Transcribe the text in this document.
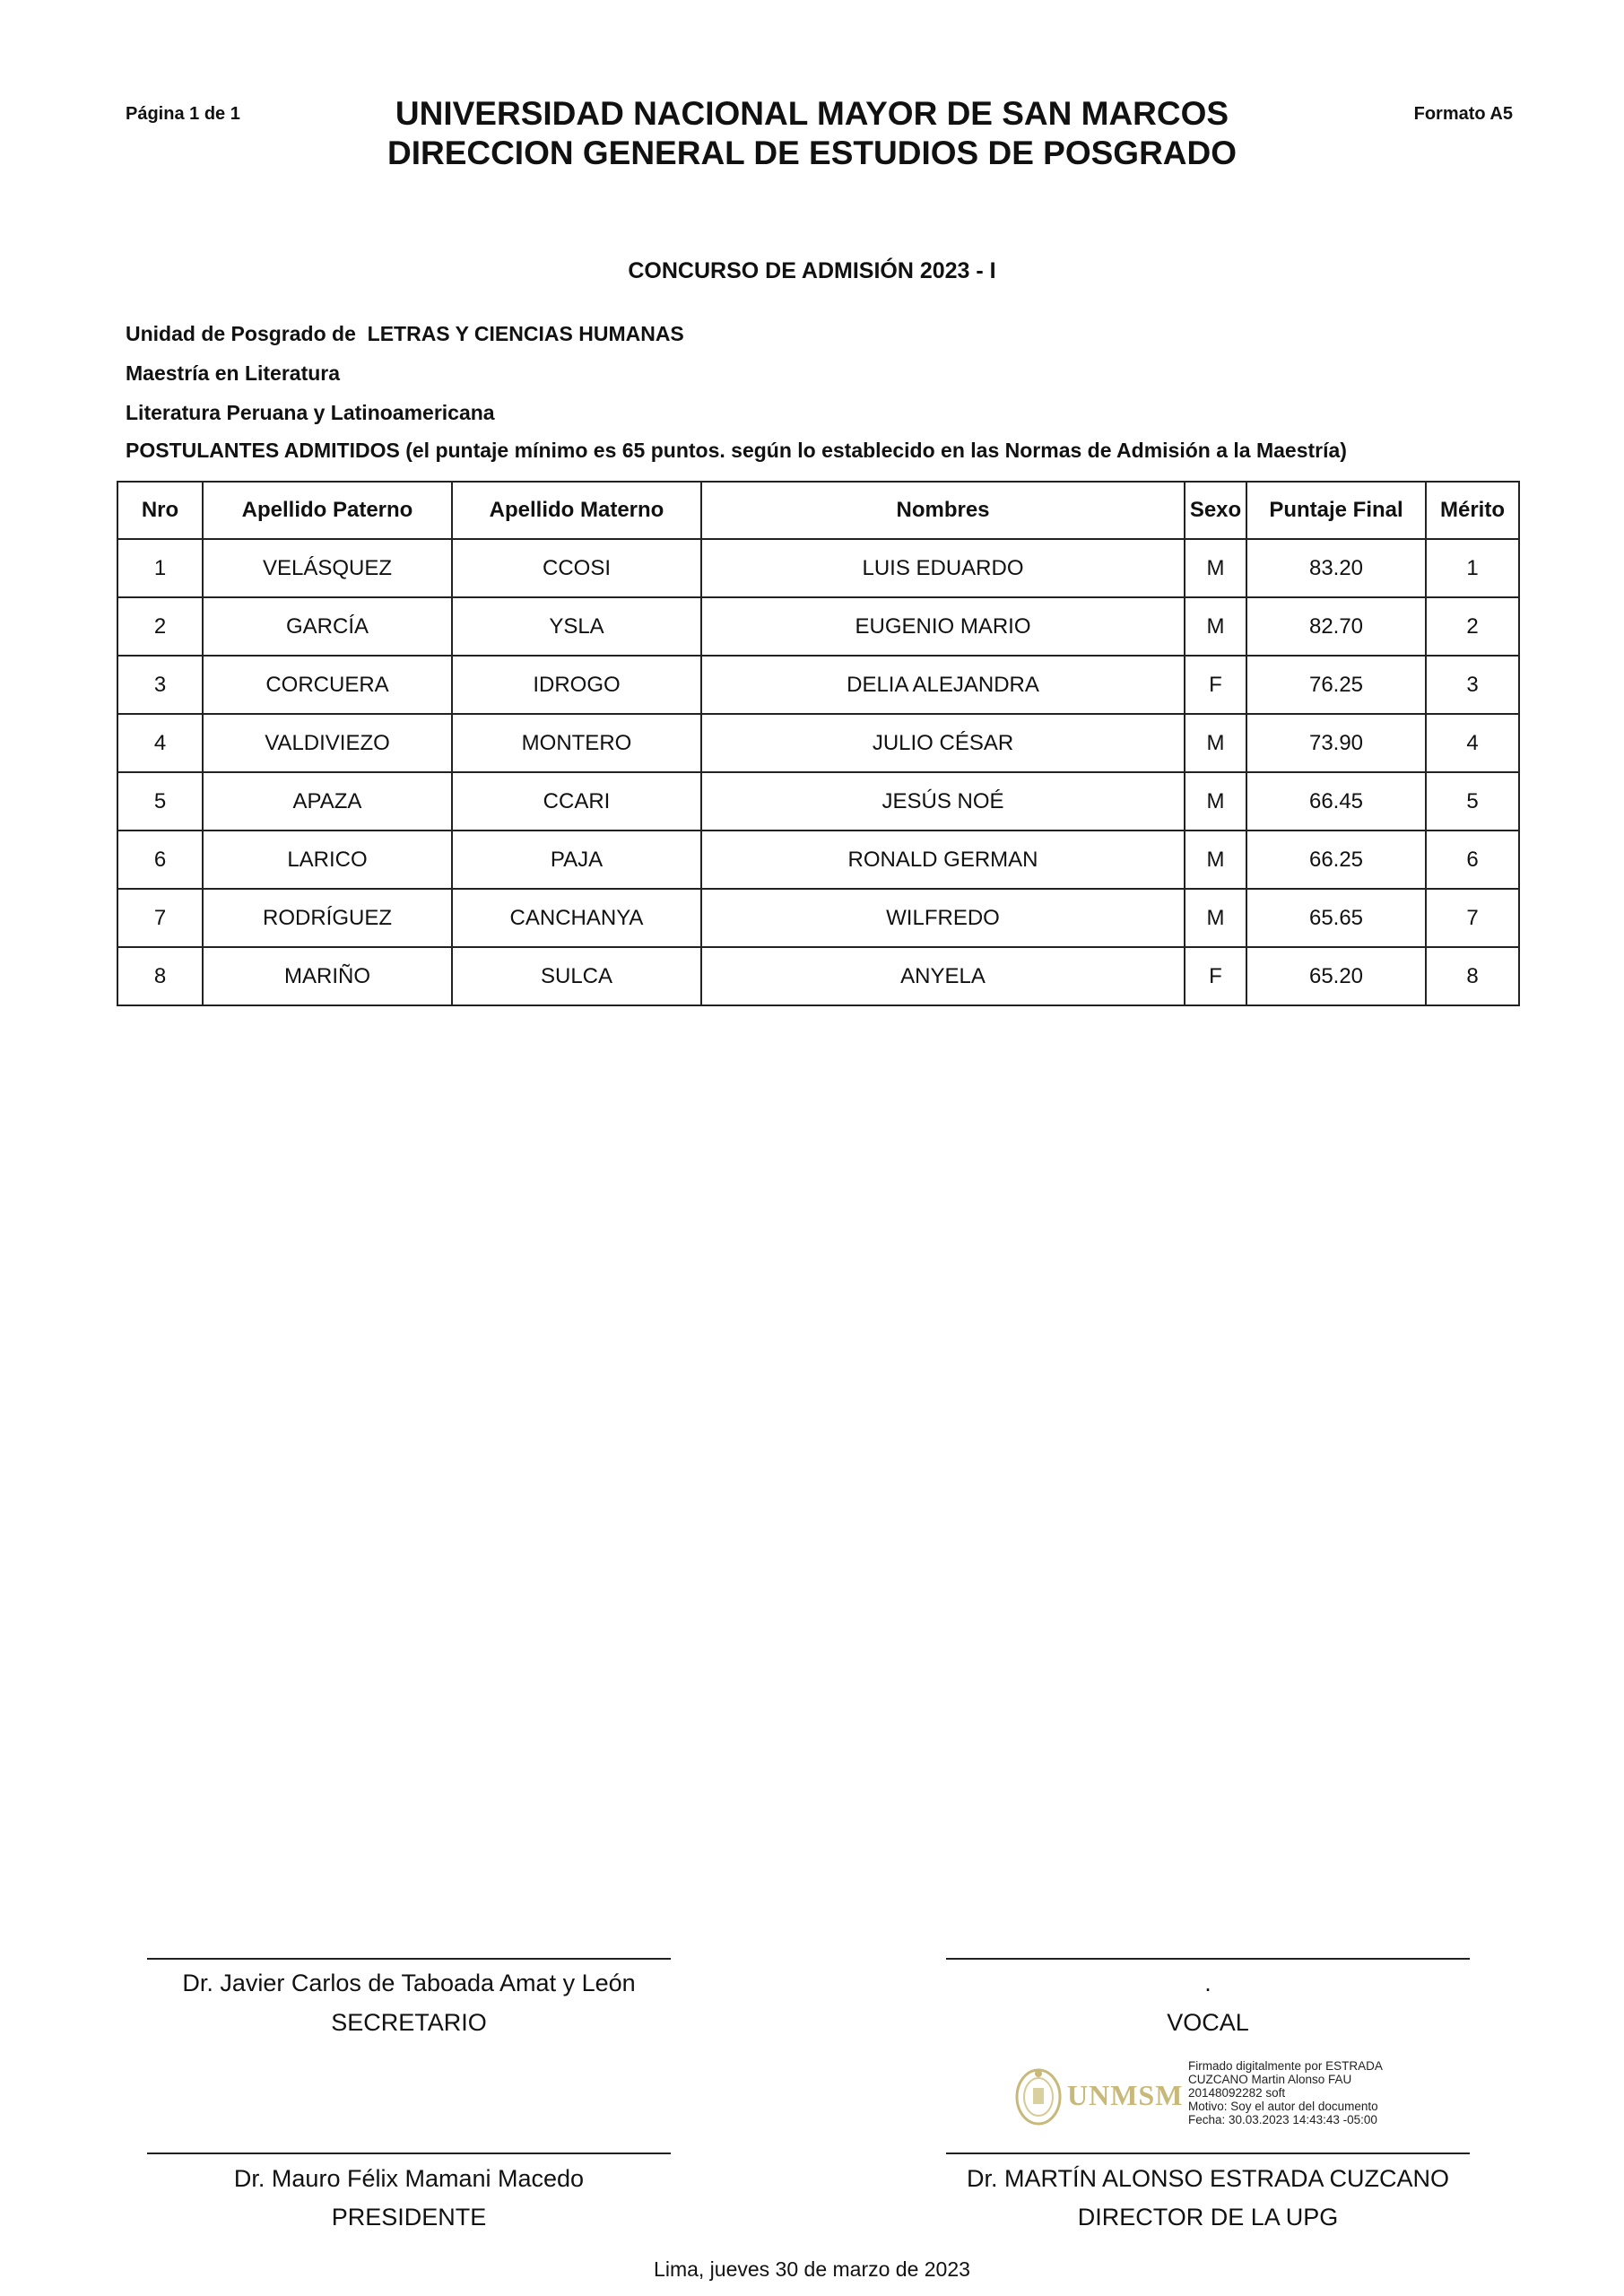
Página 1 de 1	Formato A5
UNIVERSIDAD NACIONAL MAYOR DE SAN MARCOS
DIRECCION GENERAL DE ESTUDIOS DE POSGRADO
CONCURSO DE ADMISIÓN 2023 - I
Unidad de Posgrado de  LETRAS Y CIENCIAS HUMANAS
Maestría en Literatura
Literatura Peruana y Latinoamericana
POSTULANTES ADMITIDOS (el puntaje mínimo es 65 puntos. según lo establecido en las Normas de Admisión a la Maestría)
Nro	Apellido Paterno	Apellido Materno	Nombres	Sexo	Puntaje Final	Mérito
1	VELÁSQUEZ	CCOSI	LUIS EDUARDO	M	83.20	1
2	GARCÍA	YSLA	EUGENIO MARIO	M	82.70	2
3	CORCUERA	IDROGO	DELIA ALEJANDRA	F	76.25	3
4	VALDIVIEZO	MONTERO	JULIO CÉSAR	M	73.90	4
5	APAZA	CCARI	JESÚS NOÉ	M	66.45	5
6	LARICO	PAJA	RONALD GERMAN	M	66.25	6
7	RODRÍGUEZ	CANCHANYA	WILFREDO	M	65.65	7
8	MARIÑO	SULCA	ANYELA	F	65.20	8
Dr. Javier Carlos de Taboada Amat y León
SECRETARIO
.
VOCAL
UNMSM
Firmado digitalmente por ESTRADA
CUZCANO Martin Alonso FAU
20148092282 soft
Motivo: Soy el autor del documento
Fecha: 30.03.2023 14:43:43 -05:00
Dr. Mauro Félix Mamani Macedo
PRESIDENTE
Dr. MARTÍN ALONSO ESTRADA CUZCANO
DIRECTOR DE LA UPG
Lima, jueves 30 de marzo de 2023
